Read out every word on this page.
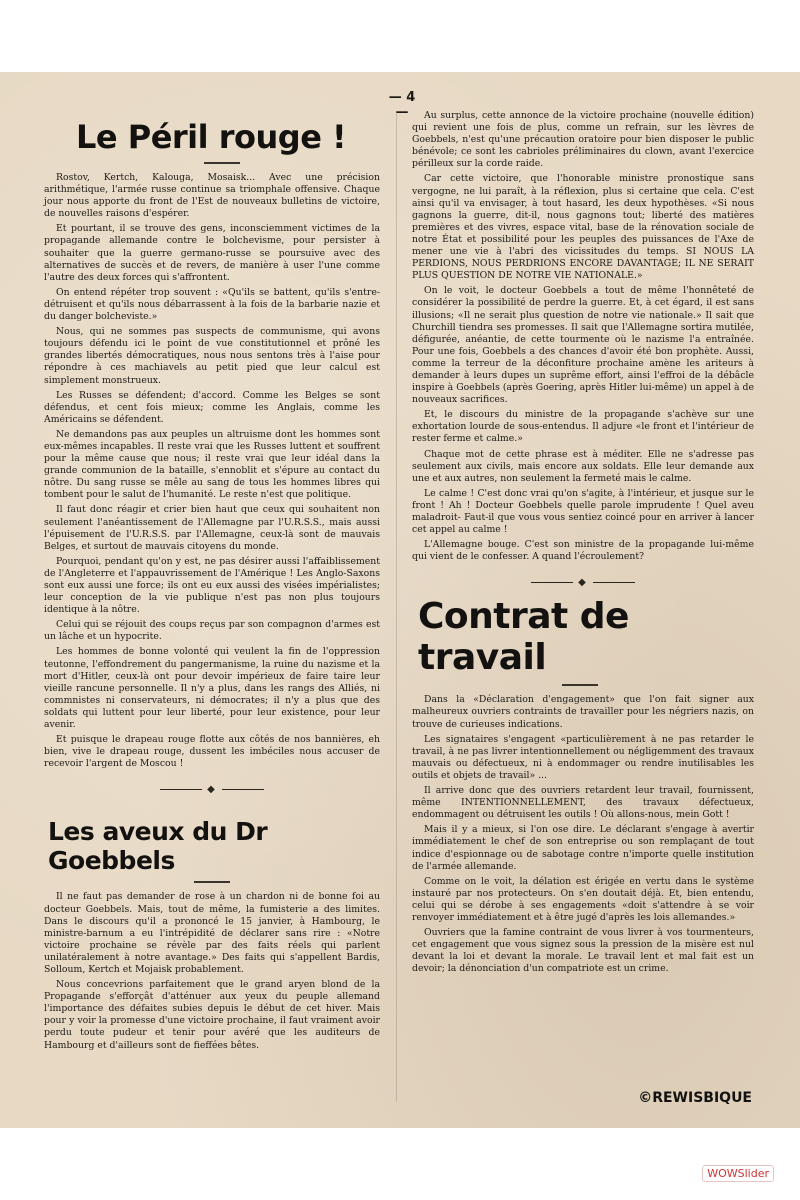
— 4 —
Le Péril rouge !

Rostov, Kertch, Kalouga, Mosaisk... Avec une précision arithmétique, l'armée russe continue sa triomphale offensive. Chaque jour nous apporte du front de l'Est de nouveaux bulletins de victoire, de nouvelles raisons d'espérer.

Et pourtant, il se trouve des gens, inconsciemment victimes de la propagande allemande contre le bolchevisme, pour persister à souhaiter que la guerre germano-russe se poursuive avec des alternatives de succès et de revers, de manière à user l'une comme l'autre des deux forces qui s'affrontent.

On entend répéter trop souvent : «Qu'ils se battent, qu'ils s'entre-détruisent et qu'ils nous débarrassent à la fois de la barbarie nazie et du danger bolcheviste.»

Nous, qui ne sommes pas suspects de communisme, qui avons toujours défendu ici le point de vue constitutionnel et prôné les grandes libertés démocratiques, nous nous sentons très à l'aise pour répondre à ces machiavels au petit pied que leur calcul est simplement monstrueux.

Les Russes se défendent; d'accord. Comme les Belges se sont défendus, et cent fois mieux; comme les Anglais, comme les Américains se défendent.

Ne demandons pas aux peuples un altruisme dont les hommes sont eux-mêmes incapables. Il reste vrai que les Russes luttent et souffrent pour la même cause que nous; il reste vrai que leur idéal dans la grande communion de la bataille, s'ennoblit et s'épure au contact du nôtre. Du sang russe se mêle au sang de tous les hommes libres qui tombent pour le salut de l'humanité. Le reste n'est que politique.

Il faut donc réagir et crier bien haut que ceux qui souhaitent non seulement l'anéantissement de l'Allemagne par l'U.R.S.S., mais aussi l'épuisement de l'U.R.S.S. par l'Allemagne, ceux-là sont de mauvais Belges, et surtout de mauvais citoyens du monde.

Pourquoi, pendant qu'on y est, ne pas désirer aussi l'affaiblissement de l'Angleterre et l'appauvrissement de l'Amérique ! Les Anglo-Saxons sont eux aussi une force; ils ont eu eux aussi des visées impérialistes; leur conception de la vie publique n'est pas non plus toujours identique à la nôtre.

Celui qui se réjouit des coups reçus par son compagnon d'armes est un lâche et un hypocrite.

Les hommes de bonne volonté qui veulent la fin de l'oppression teutonne, l'effondrement du pangermanisme, la ruine du nazisme et la mort d'Hitler, ceux-là ont pour devoir impérieux de faire taire leur vieille rancune personnelle. Il n'y a plus, dans les rangs des Alliés, ni commnistes ni conservateurs, ni démocrates; il n'y a plus que des soldats qui luttent pour leur liberté, pour leur existence, pour leur avenir.

Et puisque le drapeau rouge flotte aux côtés de nos bannières, eh bien, vive le drapeau rouge, dussent les imbéciles nous accuser de recevoir l'argent de Moscou !

◆
Les aveux du Dr Goebbels

Il ne faut pas demander de rose à un chardon ni de bonne foi au docteur Goebbels. Mais, tout de même, la fumisterie a des limites. Dans le discours qu'il a prononcé le 15 janvier, à Hambourg, le ministre-barnum a eu l'intrépidité de déclarer sans rire : «Notre victoire prochaine se révèle par des faits réels qui parlent unilatéralement à notre avantage.» Des faits qui s'appellent Bardis, Solloum, Kertch et Mojaisk probablement.

Nous concevrions parfaitement que le grand aryen blond de la Propagande s'efforçât d'atténuer aux yeux du peuple allemand l'importance des défaites subies depuis le début de cet hiver. Mais pour y voir la promesse d'une victoire prochaine, il faut vraiment avoir perdu toute pudeur et tenir pour avéré que les auditeurs de Hambourg et d'ailleurs sont de fieffées bêtes.

Au surplus, cette annonce de la victoire prochaine (nouvelle édition) qui revient une fois de plus, comme un refrain, sur les lèvres de Goebbels, n'est qu'une précaution oratoire pour bien disposer le public bénévole; ce sont les cabrioles préliminaires du clown, avant l'exercice périlleux sur la corde raide.

Car cette victoire, que l'honorable ministre pronostique sans vergogne, ne lui paraît, à la réflexion, plus si certaine que cela. C'est ainsi qu'il va envisager, à tout hasard, les deux hypothèses. «Si nous gagnons la guerre, dit-il, nous gagnons tout; liberté des matières premières et des vivres, espace vital, base de la rénovation sociale de notre État et possibilité pour les peuples des puissances de l'Axe de mener une vie à l'abri des vicissitudes du temps. SI NOUS LA PERDIONS, NOUS PERDRIONS ENCORE DAVANTAGE; IL NE SERAIT PLUS QUESTION DE NOTRE VIE NATIONALE.»

On le voit, le docteur Goebbels a tout de même l'honnêteté de considérer la possibilité de perdre la guerre. Et, à cet égard, il est sans illusions; «Il ne serait plus question de notre vie nationale.» Il sait que Churchill tiendra ses promesses. Il sait que l'Allemagne sortira mutilée, défigurée, anéantie, de cette tourmente où le nazisme l'a entraînée. Pour une fois, Goebbels a des chances d'avoir été bon prophète. Aussi, comme la terreur de la déconfiture prochaine amène les ariteurs à demander à leurs dupes un suprême effort, ainsi l'effroi de la débâcle inspire à Goebbels (après Goering, après Hitler lui-même) un appel à de nouveaux sacrifices.

Et, le discours du ministre de la propagande s'achève sur une exhortation lourde de sous-entendus. Il adjure «le front et l'intérieur de rester ferme et calme.»

Chaque mot de cette phrase est à méditer. Elle ne s'adresse pas seulement aux civils, mais encore aux soldats. Elle leur demande aux une et aux autres, non seulement la fermeté mais le calme.

Le calme ! C'est donc vrai qu'on s'agite, à l'intérieur, et jusque sur le front ! Ah ! Docteur Goebbels quelle parole imprudente ! Quel aveu maladroit- Faut-il que vous vous sentiez coincé pour en arriver à lancer cet appel au calme !

L'Allemagne bouge. C'est son ministre de la propagande lui-même qui vient de le confesser. A quand l'écroulement?

◆
Contrat de travail

Dans la «Déclaration d'engagement» que l'on fait signer aux malheureux ouvriers contraints de travailler pour les négriers nazis, on trouve de curieuses indications.

Les signataires s'engagent «particulièrement à ne pas retarder le travail, à ne pas livrer intentionnellement ou négligemment des travaux mauvais ou défectueux, ni à endommager ou rendre inutilisables les outils et objets de travail» ...

Il arrive donc que des ouvriers retardent leur travail, fournissent, même INTENTIONNELLEMENT, des travaux défectueux, endommagent ou détruisent les outils ! Où allons-nous, mein Gott !

Mais il y a mieux, si l'on ose dire. Le déclarant s'engage à avertir immédiatement le chef de son entreprise ou son remplaçant de tout indice d'espionnage ou de sabotage contre n'importe quelle institution de l'armée allemande.

Comme on le voit, la délation est érigée en vertu dans le système instauré par nos protecteurs. On s'en doutait déjà. Et, bien entendu, celui qui se dérobe à ses engagements «doit s'attendre à se voir renvoyer immédiatement et à être jugé d'après les lois allemandes.»

Ouvriers que la famine contraint de vous livrer à vos tourmenteurs, cet engagement que vous signez sous la pression de la misère est nul devant la loi et devant la morale. Le travail lent et mal fait est un devoir; la dénonciation d'un compatriote est un crime.

©REWISBIQUE
WOWSlider
